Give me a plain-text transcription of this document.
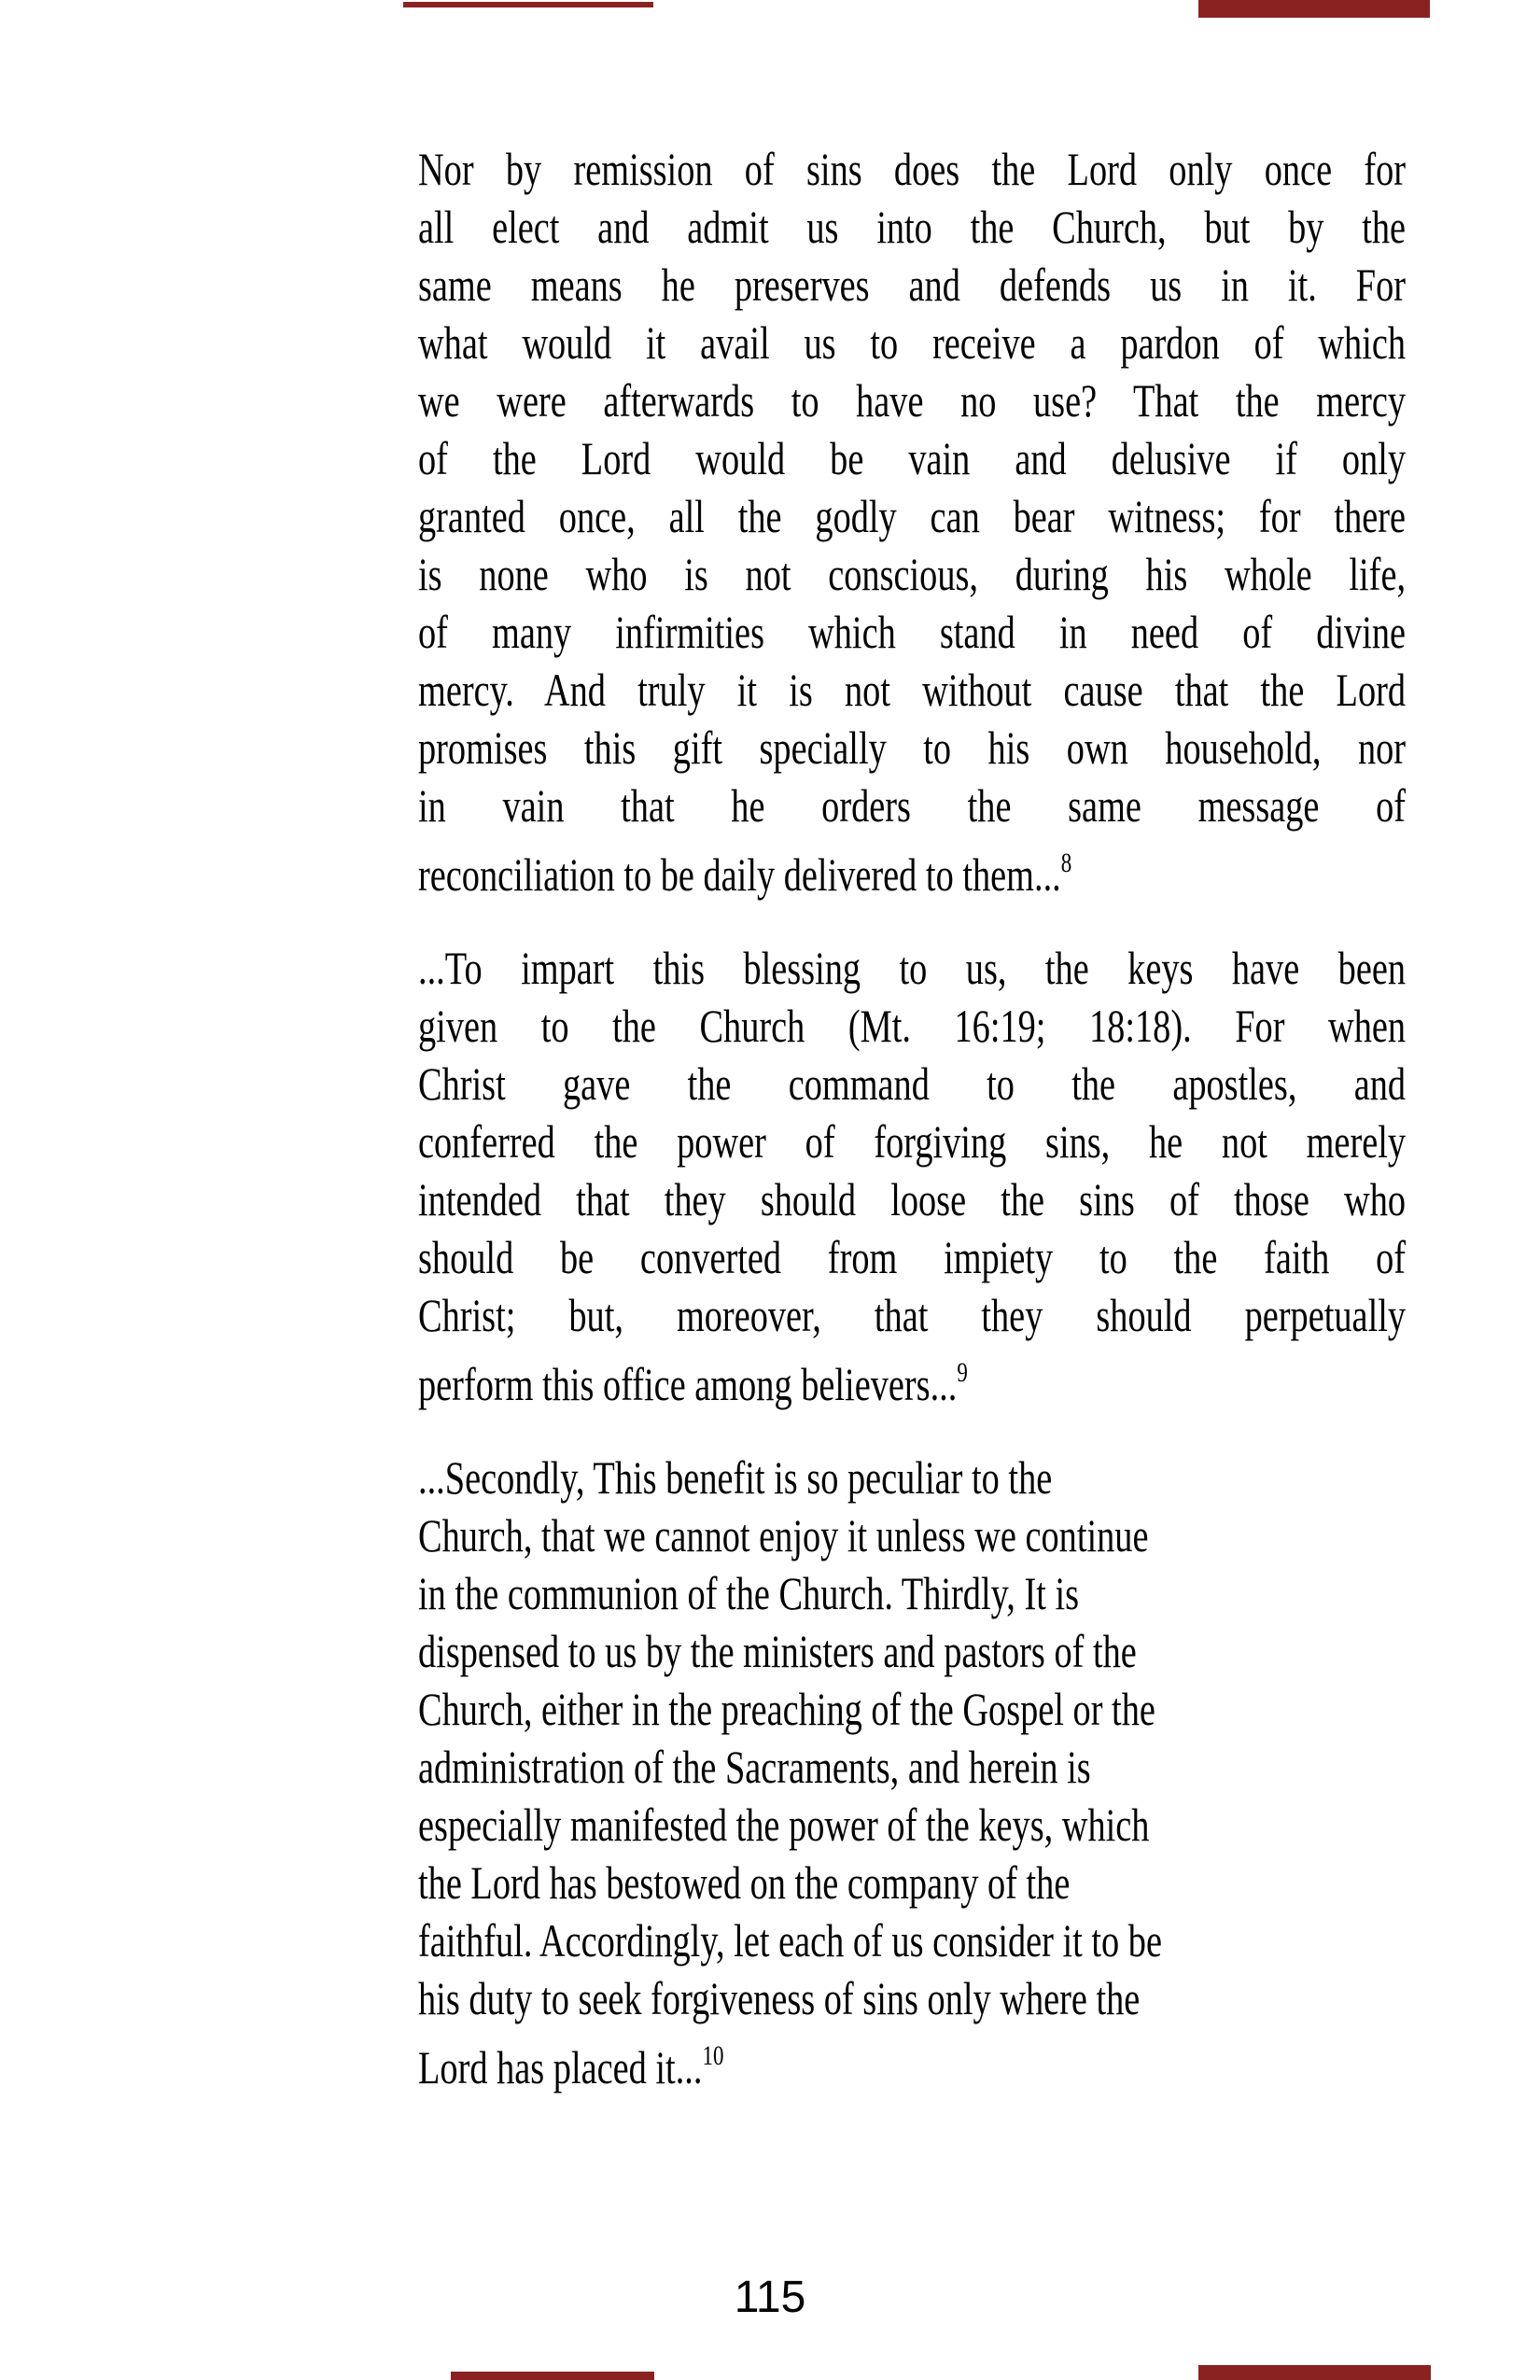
Nor by remission of sins does the Lord only once for
all elect and admit us into the Church, but by the
same means he preserves and defends us in it. For
what would it avail us to receive a pardon of which
we were afterwards to have no use? That the mercy
of the Lord would be vain and delusive if only
granted once, all the godly can bear witness; for there
is none who is not conscious, during his whole life,
of many infirmities which stand in need of divine
mercy. And truly it is not without cause that the Lord
promises this gift specially to his own household, nor
in vain that he orders the same message of
reconciliation to be daily delivered to them...$^8$
...To impart this blessing to us, the keys have been
given to the Church (Mt. 16:19; 18:18). For when
Christ gave the command to the apostles, and
conferred the power of forgiving sins, he not merely
intended that they should loose the sins of those who
should be converted from impiety to the faith of
Christ; but, moreover, that they should perpetually
perform this office among believers...$^9$
...Secondly, This benefit is so peculiar to the
Church, that we cannot enjoy it unless we continue
in the communion of the Church. Thirdly, It is
dispensed to us by the ministers and pastors of the
Church, either in the preaching of the Gospel or the
administration of the Sacraments, and herein is
especially manifested the power of the keys, which
the Lord has bestowed on the company of the
faithful. Accordingly, let each of us consider it to be
his duty to seek forgiveness of sins only where the
Lord has placed it...$^{10}$
115
